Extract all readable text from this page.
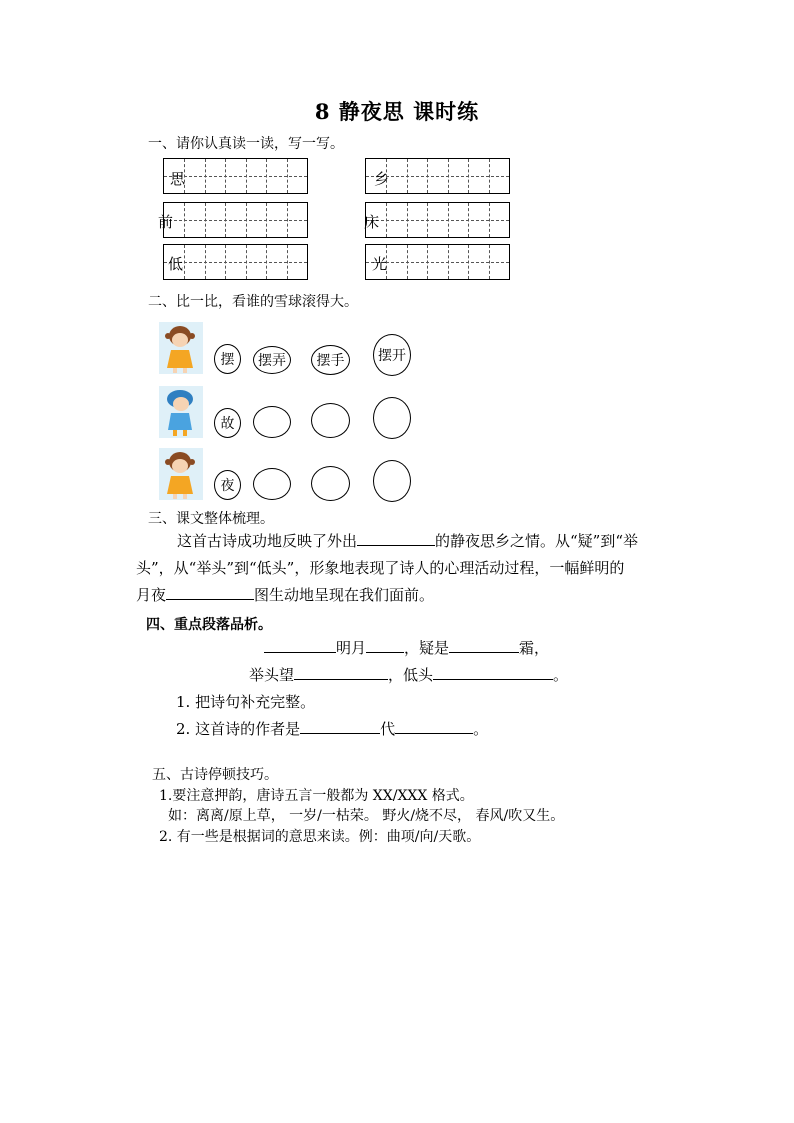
8 静夜思 课时练
一、请你认真读一读，写一写。
思	乡
前	床
低	光
二、比一比，看谁的雪球滚得大。
摆	摆弄	摆手	摆开
故
夜
三、课文整体梳理。
这首古诗成功地反映了外出	的静夜思乡之情。从“疑”到“举
头”，从“举头”到“低头”，形象地表现了诗人的心理活动过程，一幅鲜明的
月夜	图生动地呈现在我们面前。
四、重点段落品析。
明月	，疑是	霜，
举头望	，低头	。
1. 把诗句补充完整。
2. 这首诗的作者是	代	。
五、古诗停顿技巧。
1.要注意押韵，唐诗五言一般都为 XX/XXX 格式。
如：离离/原上草， 一岁/一枯荣。 野火/烧不尽， 春风/吹又生。
2. 有一些是根据词的意思来读。例：曲项/向/天歌。
